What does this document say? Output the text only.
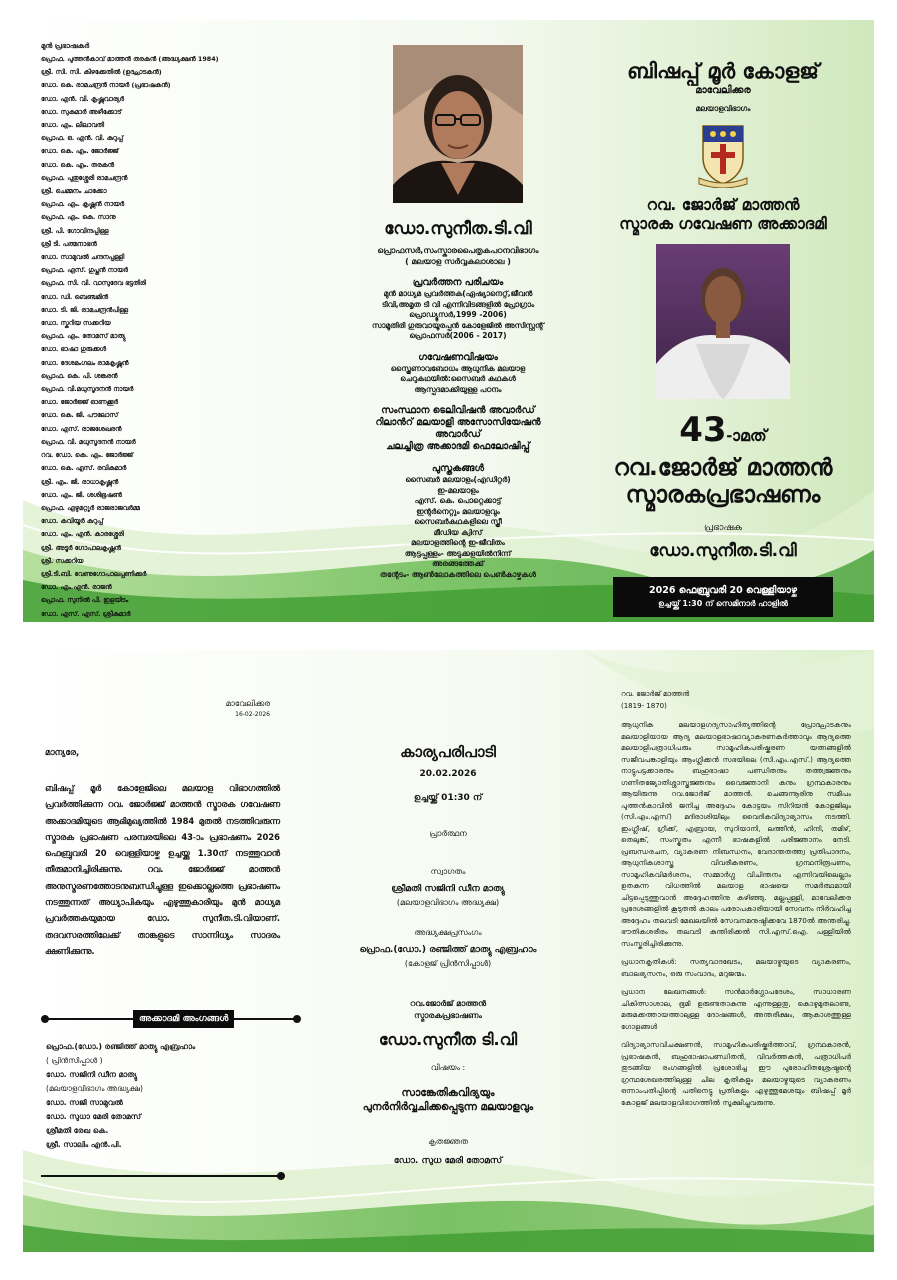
മുൻ പ്രഭാഷകർ
പ്രൊഫ. പുത്തൻകാവ് മാത്തൻ തരകൻ (അദ്ധ്യക്ഷൻ 1984)
ശ്രീ. സി. സി. കിഴക്കേതിൽ (ഉദ്ഘാടകൻ)
ഡോ. കെ. രാമചന്ദ്രൻ നായർ (പ്രഭാഷകൻ)
ഡോ. എൻ. വി. കൃഷ്ണവാര്യർ
ഡോ. സുകുമാർ അഴീക്കോട്
ഡോ. എം. ലീലാവതി
പ്രൊഫ. ഒ. എൻ. വി. കുറുപ്പ്
ഡോ. കെ. എം. ജോർജ്ജ്
ഡോ. കെ. എം. തരകൻ
പ്രൊഫ. പുതുശ്ശേരി രാമചന്ദ്രൻ
ശ്രീ. ചെമ്മനം ചാക്കോ
പ്രൊഫ. എം. കൃഷ്ണൻ നായർ
പ്രൊഫ. എം. കെ. സാനു
ശ്രീ. പി. ഗോവിന്ദപ്പിള്ള
ശ്രീ ടി. പത്മനാഭൻ
ഡോ. സാമുവൽ ചന്ദനപ്പള്ളി
പ്രൊഫ. എസ്. ഗുപ്തൻ നായർ
പ്രൊഫ. സി. വി. വാസുദേവ ഭട്ടതിരി
ഡോ. ഡി. ബെഞ്ചമിൻ
ഡോ. ടി. ജി. രാമചന്ദ്രൻപിള്ള
ഡോ. സ്കറിയ സക്കറിയ
പ്രൊഫ. എം. തോമസ് മാത്യു
ഡോ. ഭാഷാ ഗുരുക്കൾ
ഡോ. ദേശമംഗലം രാമകൃഷ്ണൻ
പ്രൊഫ. കെ. പി. ശങ്കരൻ
പ്രൊഫ. വി.മധുസൂദനൻ നായർ
ഡോ. ജോർജ്ജ് ഓണക്കൂർ
ഡോ. കെ. ജി. പൗലോസ്
ഡോ. എസ്. രാജശേഖരൻ
പ്രൊഫ. വി. മധുസൂദനൻ നായർ
റവ. ഡോ. കെ. എം. ജോർജ്ജ്
ഡോ. കെ. എസ്. രവികുമാർ
ശ്രീ. എം. ജി. രാധാകൃഷ്ണൻ
ഡോ. എം. ജി. ശശിഭൂഷൺ
പ്രൊഫ. എഴുമറ്റൂർ രാജരാജവർമ്മ
ഡോ. കവിയൂർ കുറുപ്പ്
ഡോ. എം. എൻ. കാരശ്ശേരി
ശ്രീ. അടൂർ ഗോപാലകൃഷ്ണൻ
ശ്രീ. സക്കറിയ
ശ്രീ.ടി.ബി. വേണുഗോപാലപ്പണിക്കർ
ഡോ. എം.എൻ. രാജൻ
പ്രൊഫ. സുനിൽ പി. ഇളയിടം
ഡോ. എസ്. എസ്. ശ്രീകുമാർ
ഡോ.സുനീത.ടി.വി
പ്രൊഫസർ,സംസ്കാരപൈതൃകപഠനവിഭാഗം
( മലയാള സർവ്വകലാശാല )
പ്രവർത്തന പരിചയം
മുൻ മാധ്യമ പ്രവർത്തക(ഏഷ്യാനെറ്റ്,ജീവൻ
ടിവി,അമൃത ടി വി എന്നിവിടങ്ങളിൽ പ്രോഗ്രാം
പ്രൊഡ്യൂസർ,1999 -2006)
സാമൂതിരി ഗുരുവായൂരപ്പൻ കോളേജിൽ അസിസ്റ്റന്റ്
പ്രൊഫസർ(2006 - 2017)
ഗവേഷണവിഷയം
സ്ത്രൈണാവബോധം ആധുനിക മലയാള
ചെറുകഥയിൽ:സൈബർ കഥകൾ
ആസ്പദമാക്കിയുള്ള പഠനം
സംസ്ഥാന ടെലിവിഷൻ അവാർഡ്
റിലാൻറ് മലയാളി അസോസിയേഷൻ
അവാർഡ്
ചലച്ചിത്ര അക്കാദമി ഫെലോഷിപ്പ്
പുസ്തകങ്ങൾ
സൈബർ മലയാളം(എഡിറ്റർ)
ഇ-മലയാളം
എസ്. കെ. പൊറ്റെക്കാട്ട്
ഇന്റർനെറ്റും മലയാളവും
സൈബർകഥകളിലെ സ്ത്രീ
മീഡിയ ക്വിസ്
മലയാളത്തിന്റെ ഇ-ജീവിതം
ആട്ടപ്പള്ളം- അടുക്കളയിൽനിന്ന്
അരങ്ങത്തേക്ക്
തന്റേടം- ആൺലോകത്തിലെ പെൺകാഴ്ചകൾ
ബിഷപ്പ് മൂർ കോളജ്
മാവേലിക്കര
മലയാളവിഭാഗം
റവ. ജോർജ് മാത്തൻ
സ്മാരക ഗവേഷണ അക്കാദമി
43-ാമത്
റവ.ജോർജ് മാത്തൻ
സ്മാരകപ്രഭാഷണം
പ്രഭാഷക
ഡോ.സുനീത.ടി.വി
2026 ഫെബ്രുവരി 20 വെള്ളിയാഴ്ച
ഉച്ചയ്ക്ക് 1:30 ന് സെമിനാർ ഹാളിൽ
മാവേലിക്കര
16-02-2026
മാന്യരേ,
ബിഷപ്പ് മൂർ കോളേജിലെ മലയാള വിഭാഗത്തിൽ പ്രവർത്തിക്കുന്ന റവ. ജോർജ്ജ് മാത്തൻ സ്മാരക ഗവേഷണ അക്കാദമിയുടെ ആഭിമുഖ്യത്തിൽ 1984 മുതൽ നടത്തിവരുന്ന സ്മാരക പ്രഭാഷണ പരമ്പരയിലെ 43-ാം പ്രഭാഷണം 2026 ഫെബ്രുവരി 20 വെള്ളിയാഴ്ച ഉച്ചയ്ക്കു 1.30ന് നടത്തുവാൻ തീരുമാനിച്ചിരിക്കുന്നു. റവ. ജോർജ്ജ് മാത്തൻ അനുസ്മരണത്തോടനുബന്ധിച്ചുള്ള ഇക്കൊല്ലത്തെ പ്രഭാഷണം നടത്തുന്നത് അധ്യാപികയും എഴുത്തുകാരിയും മുൻ മാധ്യമ പ്രവർത്തകയുമായ ഡോ. സുനീത.ടി.വിയാണ്. തദവസരത്തിലേക്ക് താങ്കളുടെ സാന്നിധ്യം സാദരം ക്ഷണിക്കുന്നു.
അക്കാദമി അംഗങ്ങൾ
പ്രൊഫ.(ഡോ.) രഞ്ജിത്ത് മാത്യു എബ്രഹാം
( പ്രിൻസിപ്പാൾ )
ഡോ. സജിനി ഡീന മാത്യു
(മലയാളവിഭാഗം അദ്ധ്യക്ഷ)
ഡോ. സജി സാമുവൽ
ഡോ. സുധാ മേരി തോമസ്
ശ്രീമതി രേഖ കെ.
ശ്രീ. സാലിം എൻ.പി.
കാര്യപരിപാടി
20.02.2026
ഉച്ചയ്ക്ക് 01:30 ന്
പ്രാർത്ഥന
സ്വാഗതം
ശ്രീമതി സജിനി ഡീന മാത്യു
(മലയാളവിഭാഗം അദ്ധ്യക്ഷ)
അദ്ധ്യക്ഷപ്രസംഗം
പ്രൊഫ.(ഡോ.) രഞ്ജിത്ത് മാത്യു എബ്രഹാം
(കോളജ് പ്രിൻസിപ്പാൾ)
റവ.ജോർജ് മാത്തൻ
സ്മാരകപ്രഭാഷണം
ഡോ.സുനീത ടി.വി
വിഷയം :
സാങ്കേതികവിദ്യയും
പുനർനിർവ്വചിക്കപ്പെടുന്ന മലയാളവും
കൃതജ്ഞത
ഡോ. സുധ മേരി തോമസ്
റവ. ജോർജ് മാത്തൻ
(1819- 1870)
ആധുനിക മലയാളഗദ്യസാഹിത്യത്തിന്റെ പ്രോദ്ഘാടകനും മലയാളിയായ ആദ്യ മലയാളഭാഷാവ്യാകരണകർത്താവും ആദ്യത്തെ മലയാളിപത്രാധിപരും സാമൂഹികപരിഷ്കരണ യത്നങ്ങളിൽ സജീവപങ്കാളിയും ആംഗ്ലിക്കൻ സഭയിലെ (സി.എം.എസ്.) ആദ്യത്തെ നാട്ടുപട്ടക്കാരനും ബഹുഭാഷാ പണ്ഡിതനും തത്ത്വജ്ഞനും ഗണിതജ്യോതിശ്ശാസ്ത്രജ്ഞനും വൈജ്ഞാനി കനും ഗ്രന്ഥകാരനും ആയിരുന്നു റവ.ജോർജ് മാത്തൻ. ചെങ്ങന്നൂരിനു സമീപം പുത്തൻകാവിൽ ജനിച്ച അദ്ദേഹം കോട്ടയം സിറിയൻ കോളജിലും (സി.എം.എസ്) മദിരാശിയിലും വൈദികവിദ്യാഭ്യാസം നടത്തി. ഇംഗ്ലീഷ്, ഗ്രീക്ക്, എബ്രായ, സുറിയാനി, ലത്തീൻ, ഹിന്ദി, തമിഴ്, തെലുങ്ക്, സംസ്കൃതം എന്നീ ഭാഷകളിൽ പരിജ്ഞാനം നേടി. പ്രബന്ധരചന, വ്യാകരണ നിബന്ധനം, വേദാന്തതത്ത്വ പ്രതിപാദനം, ആധുനികശാസ്ത്ര വിവരീകരണം, ഗ്രന്ഥനിരൂപണം, സാമൂഹികവിമർശനം, സമ്മാർഗ്ഗ വിചിന്തനം എന്നിവയിലെല്ലാം ഉതകുന്ന വിധത്തിൽ മലയാള ഭാഷയെ സമർത്ഥമായി ചിട്ടപ്പെടുത്തുവാൻ അദ്ദേഹത്തിനു കഴിഞ്ഞു. മല്ലപ്പള്ളി, മാവേലിക്കര പ്രദേശങ്ങളിൽ കൂടുതൽ കാലം പരോപകാരിയായി സേവനം നിർവഹിച്ച അദ്ദേഹം തലവടി മേഖലയിൽ സേവനമനുഷ്ഠിക്കവേ 1870ൽ അന്തരിച്ചു. ഭൗതികശരീരം തലവടി കുന്തിരിക്കൽ സി.എസ്.ഐ. പള്ളിയിൽ സംസ്കരിച്ചിരിക്കുന്നു.
പ്രധാനകൃതികൾ: സത്യവാദഖേടം, മലയാഴ്മയുടെ വ്യാകരണം, ബാലഭ്യസനം, ഒരു സംവാദം, മറുജന്മം.
പ്രധാന ലേഖനങ്ങൾ: സൻമാർഗ്ഗോപദേശം, സാധാരണ ചികിത്സാശാല, ഭൂമി ഉരുണ്ടതാകുന്നു എന്നുള്ളതു, കൊഴുമുതലാണ്ട, മരുമക്കത്തായത്താലുള്ള ദോഷങ്ങൾ, അന്തരീക്ഷം, ആകാശത്തുള്ള ഗോളങ്ങൾ
വിദ്യാഭ്യാസവിചക്ഷണൻ, സാമൂഹികപരിഷ്കർത്താവ്, ഗ്രന്ഥകാരൻ, പ്രഭാഷകൻ, ബഹുഭാഷാപണ്ഡിതൻ, വിവർത്തകൻ, പത്രാധിപർ തുടങ്ങിയ രംഗങ്ങളിൽ പ്രശോഭിച്ച ഈ പുരോഹിതശ്രേഷ്ഠന്റെ ഗ്രന്ഥശേഖരത്തിലുള്ള ചില കൃതികളും മലയാഴ്മയുടെ വ്യാകരണം ഒന്നാംപതിപ്പിന്റെ പതിനെട്ടു പ്രതികളും എഴുത്തുമേശയും ബിഷപ്പ് മൂർ കോളജ് മലയാളവിഭാഗത്തിൽ സൂക്ഷിച്ചുവരുന്നു.
